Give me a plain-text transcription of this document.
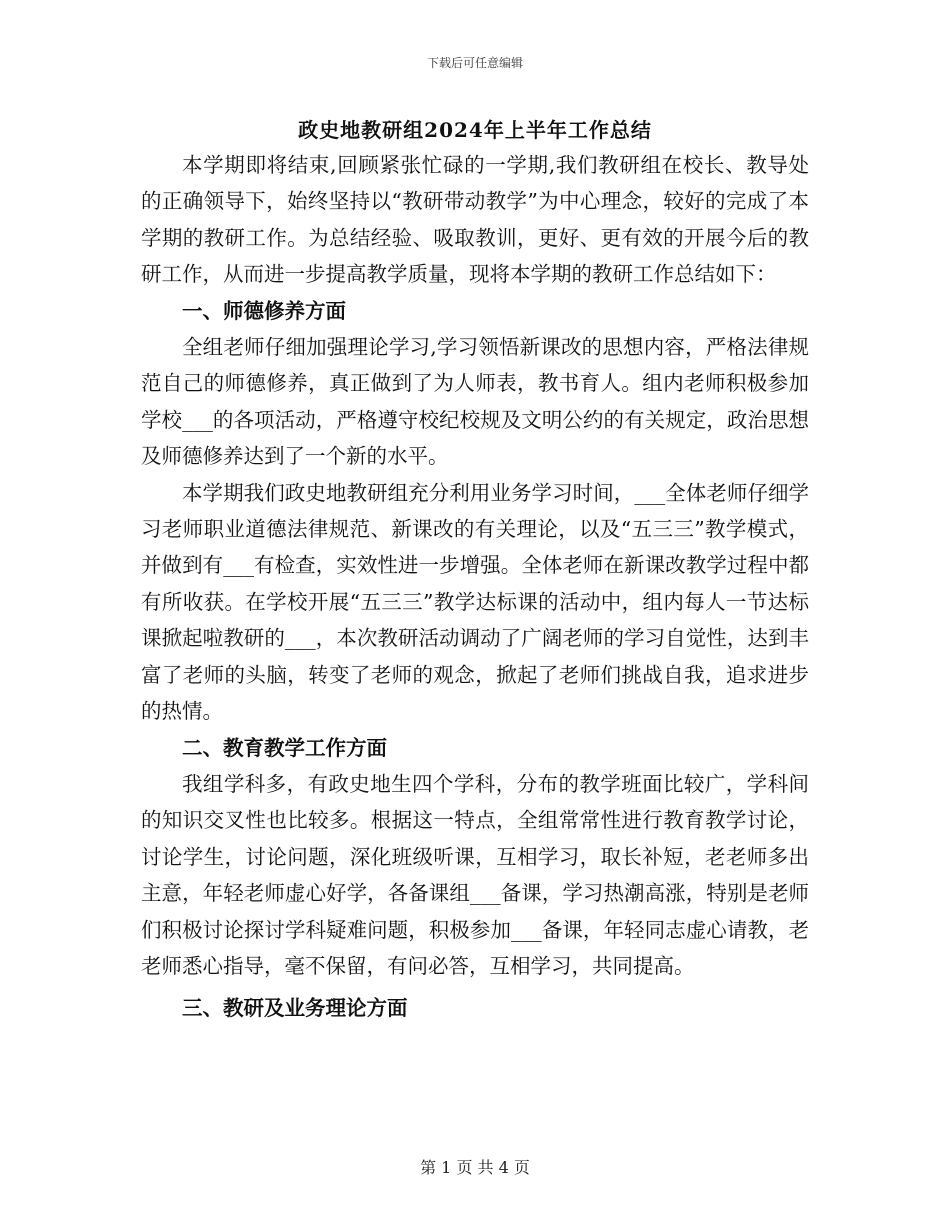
下载后可任意编辑
政史地教研组2024年上半年工作总结

本学期即将结束,回顾紧张忙碌的一学期,我们教研组在校长、教导处的正确领导下，始终坚持以“教研带动教学”为中心理念，较好的完成了本学期的教研工作。为总结经验、吸取教训，更好、更有效的开展今后的教研工作，从而进一步提高教学质量，现将本学期的教研工作总结如下：

一、师德修养方面

全组老师仔细加强理论学习,学习领悟新课改的思想内容，严格法律规范自己的师德修养，真正做到了为人师表，教书育人。组内老师积极参加学校___的各项活动，严格遵守校纪校规及文明公约的有关规定，政治思想及师德修养达到了一个新的水平。

本学期我们政史地教研组充分利用业务学习时间，___全体老师仔细学习老师职业道德法律规范、新课改的有关理论，以及“五三三”教学模式，并做到有___有检查，实效性进一步增强。全体老师在新课改教学过程中都有所收获。在学校开展“五三三”教学达标课的活动中，组内每人一节达标课掀起啦教研的___，本次教研活动调动了广阔老师的学习自觉性，达到丰富了老师的头脑，转变了老师的观念，掀起了老师们挑战自我，追求进步的热情。

二、教育教学工作方面

我组学科多，有政史地生四个学科，分布的教学班面比较广，学科间的知识交叉性也比较多。根据这一特点，全组常常性进行教育教学讨论，讨论学生，讨论问题，深化班级听课，互相学习，取长补短，老老师多出主意，年轻老师虚心好学，各备课组___备课，学习热潮高涨，特别是老师们积极讨论探讨学科疑难问题，积极参加___备课，年轻同志虚心请教，老老师悉心指导，毫不保留，有问必答，互相学习，共同提高。

三、教研及业务理论方面

第 1 页 共 4 页
